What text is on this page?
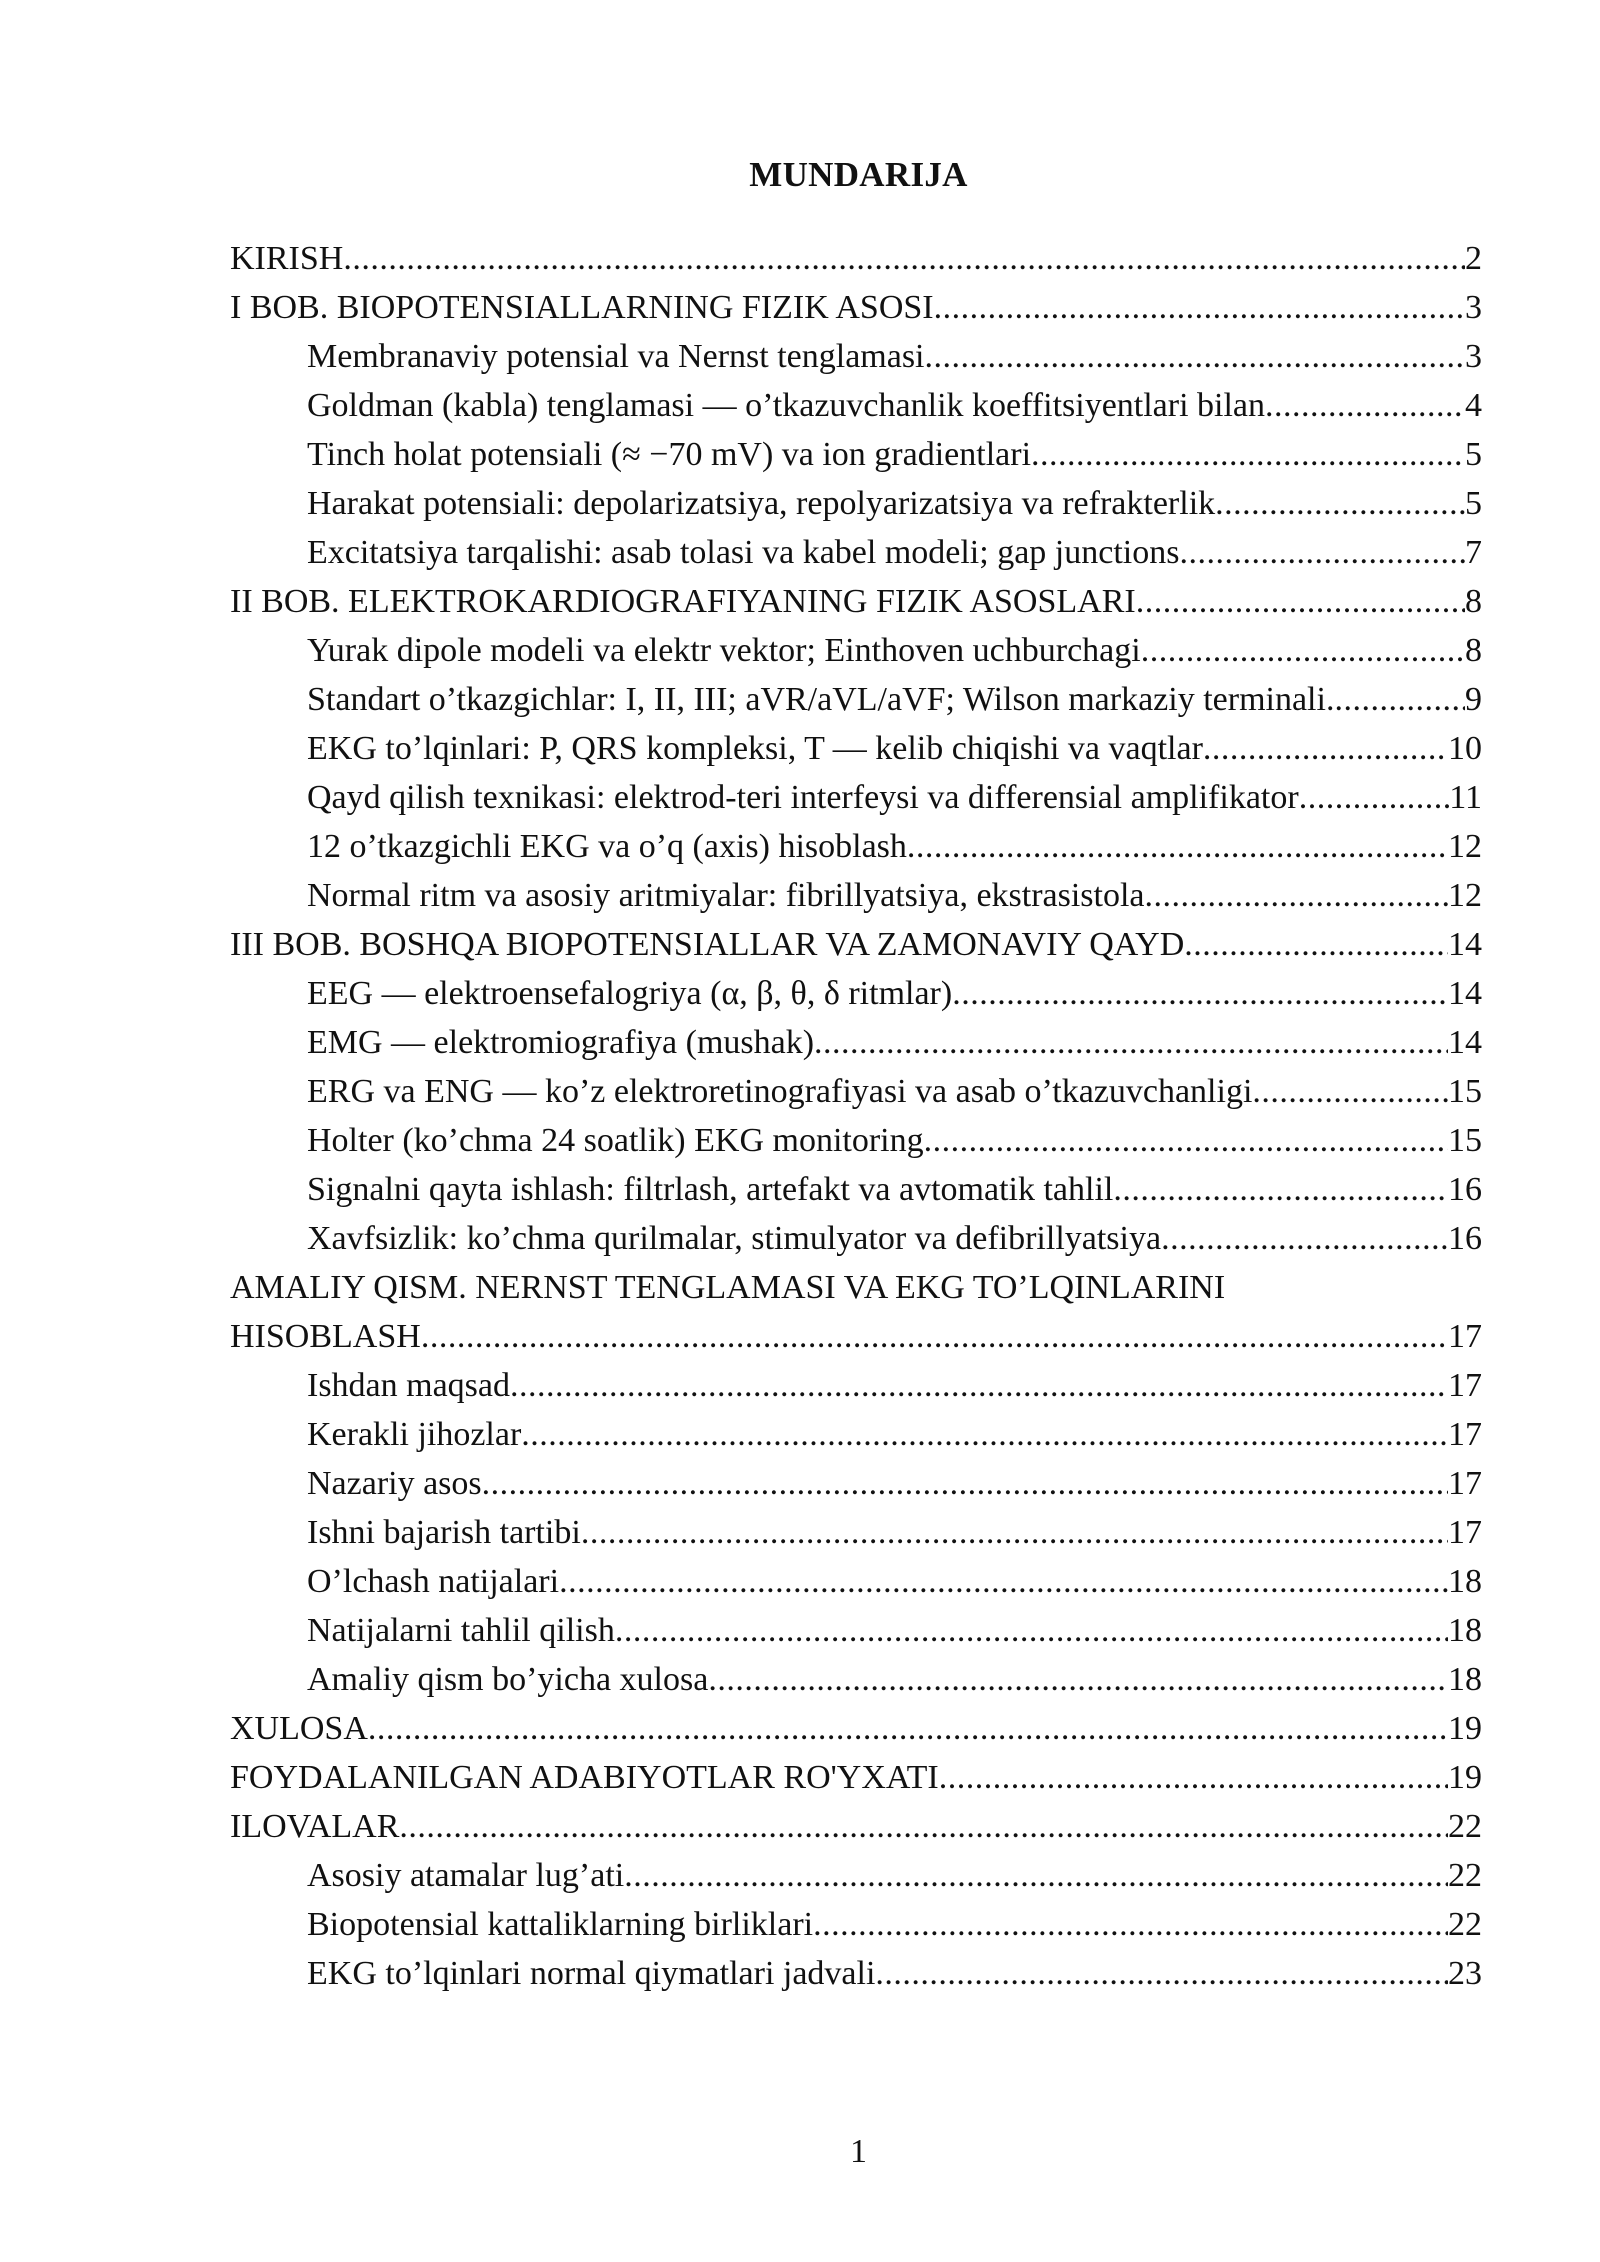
MUNDARIJA
KIRISH .....	2
I BOB. BIOPOTENSIALLARNING FIZIK ASOSI .....	3
Membranaviy potensial va Nernst tenglamasi .....	3
Goldman (kabla) tenglamasi — o’tkazuvchanlik koeffitsiyentlari bilan .....	4
Tinch holat potensiali (≈ −70 mV) va ion gradientlari .....	5
Harakat potensiali: depolarizatsiya, repolyarizatsiya va refrakterlik .....	5
Excitatsiya tarqalishi: asab tolasi va kabel modeli; gap junctions .....	7
II BOB. ELEKTROKARDIOGRAFIYANING FIZIK ASOSLARI .....	8
Yurak dipole modeli va elektr vektor; Einthoven uchburchagi .....	8
Standart o’tkazgichlar: I, II, III; aVR/aVL/aVF; Wilson markaziy terminali. .....	9
EKG to’lqinlari: P, QRS kompleksi, T — kelib chiqishi va vaqtlar .....	10
Qayd qilish texnikasi: elektrod-teri interfeysi va differensial amplifikator .....	11
12 o’tkazgichli EKG va o’q (axis) hisoblash .....	12
Normal ritm va asosiy aritmiyalar: fibrillyatsiya, ekstrasistola .....	12
III BOB. BOSHQA BIOPOTENSIALLAR VA ZAMONAVIY QAYD .....	14
EEG — elektroensefalogriya (α, β, θ, δ ritmlar) .....	14
EMG — elektromiografiya (mushak) .....	14
ERG va ENG — ko’z elektroretinografiyasi va asab o’tkazuvchanligi .....	15
Holter (ko’chma 24 soatlik) EKG monitoring .....	15
Signalni qayta ishlash: filtrlash, artefakt va avtomatik tahlil .....	16
Xavfsizlik: ko’chma qurilmalar, stimulyator va defibrillyatsiya .....	16
AMALIY QISM. NERNST TENGLAMASI VA EKG TO’LQINLARINI
HISOBLASH .....	17
Ishdan maqsad .....	17
Kerakli jihozlar .....	17
Nazariy asos .....	17
Ishni bajarish tartibi .....	17
O’lchash natijalari .....	18
Natijalarni tahlil qilish .....	18
Amaliy qism bo’yicha xulosa .....	18
XULOSA .....	19
FOYDALANILGAN ADABIYOTLAR RO'YXATI .....	19
ILOVALAR .....	22
Asosiy atamalar lug’ati .....	22
Biopotensial kattaliklarning birliklari .....	22
EKG to’lqinlari normal qiymatlari jadvali .....	23
1
